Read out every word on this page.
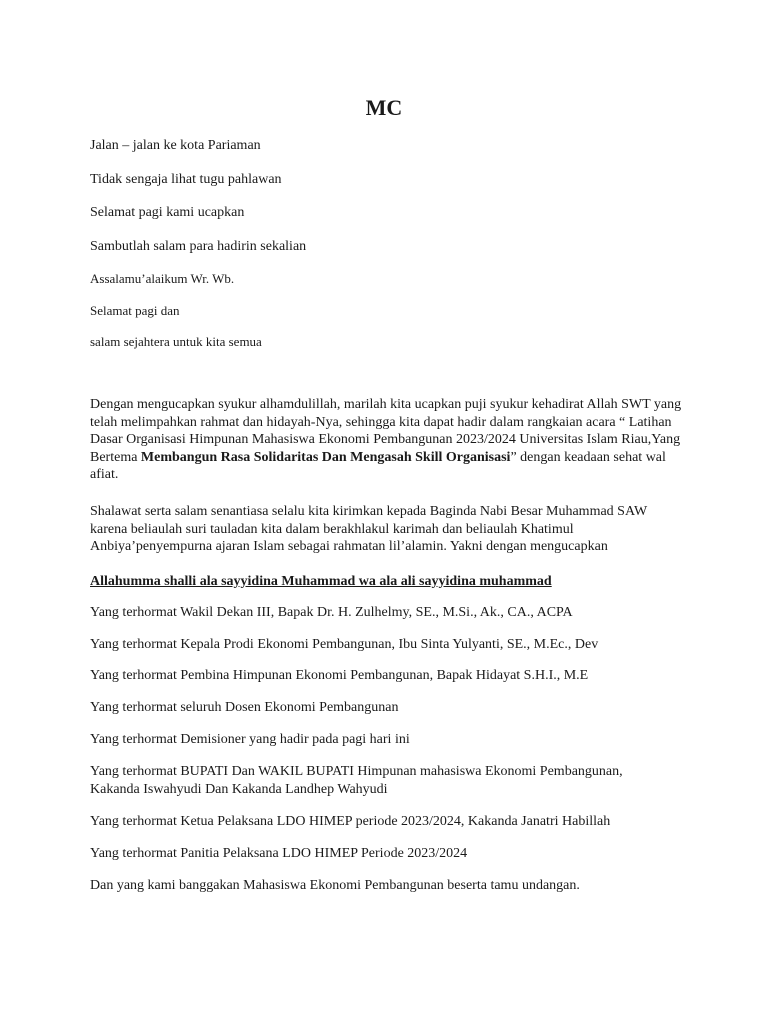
MC
Jalan – jalan ke kota Pariaman
Tidak sengaja lihat tugu pahlawan
Selamat pagi kami ucapkan
Sambutlah salam para hadirin sekalian
Assalamu’alaikum Wr. Wb.
Selamat pagi dan
salam sejahtera untuk kita semua
Dengan mengucapkan syukur alhamdulillah, marilah kita ucapkan puji syukur kehadirat Allah SWT yang
telah melimpahkan rahmat dan hidayah-Nya, sehingga kita dapat hadir dalam rangkaian acara “ Latihan
Dasar Organisasi Himpunan Mahasiswa Ekonomi Pembangunan 2023/2024 Universitas Islam Riau,Yang
Bertema Membangun Rasa Solidaritas Dan Mengasah Skill Organisasi” dengan keadaan sehat wal
afiat.
Shalawat serta salam senantiasa selalu kita kirimkan kepada Baginda Nabi Besar Muhammad SAW
karena beliaulah suri tauladan kita dalam berakhlakul karimah dan beliaulah Khatimul
Anbiya’penyempurna ajaran Islam sebagai rahmatan lil’alamin. Yakni dengan mengucapkan
Allahumma shalli ala sayyidina Muhammad wa ala ali sayyidina muhammad
Yang terhormat Wakil Dekan III, Bapak Dr. H. Zulhelmy, SE., M.Si., Ak., CA., ACPA
Yang terhormat Kepala Prodi Ekonomi Pembangunan, Ibu Sinta Yulyanti, SE., M.Ec., Dev
Yang terhormat Pembina Himpunan Ekonomi Pembangunan, Bapak Hidayat S.H.I., M.E
Yang terhormat seluruh Dosen Ekonomi Pembangunan
Yang terhormat Demisioner yang hadir pada pagi hari ini
Yang terhormat BUPATI Dan WAKIL BUPATI Himpunan mahasiswa Ekonomi Pembangunan,
Kakanda Iswahyudi Dan Kakanda Landhep Wahyudi
Yang terhormat Ketua Pelaksana LDO HIMEP periode 2023/2024, Kakanda Janatri Habillah
Yang terhormat Panitia Pelaksana LDO HIMEP Periode 2023/2024
Dan yang kami banggakan Mahasiswa Ekonomi Pembangunan beserta tamu undangan.
